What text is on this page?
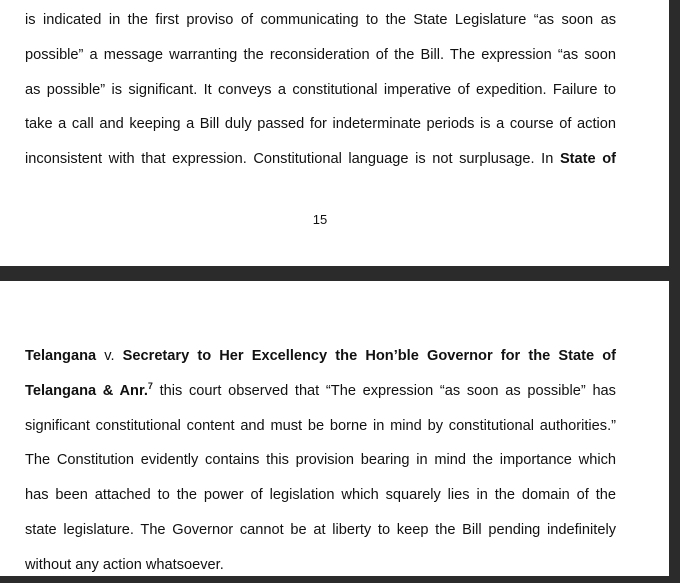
is indicated in the first proviso of communicating to the State Legislature “as soon as
possible” a message warranting the reconsideration of the Bill. The expression “as soon
as possible” is significant. It conveys a constitutional imperative of expedition. Failure to
take a call and keeping a Bill duly passed for indeterminate periods is a course of action
inconsistent with that expression. Constitutional language is not surplusage. In State of
15
Telangana v. Secretary to Her Excellency the Hon’ble Governor for the State of
Telangana & Anr.$^7$ this court observed that “The expression “as soon as possible” has
significant constitutional content and must be borne in mind by constitutional authorities.”
The Constitution evidently contains this provision bearing in mind the importance which
has been attached to the power of legislation which squarely lies in the domain of the
state legislature. The Governor cannot be at liberty to keep the Bill pending indefinitely
without any action whatsoever.
